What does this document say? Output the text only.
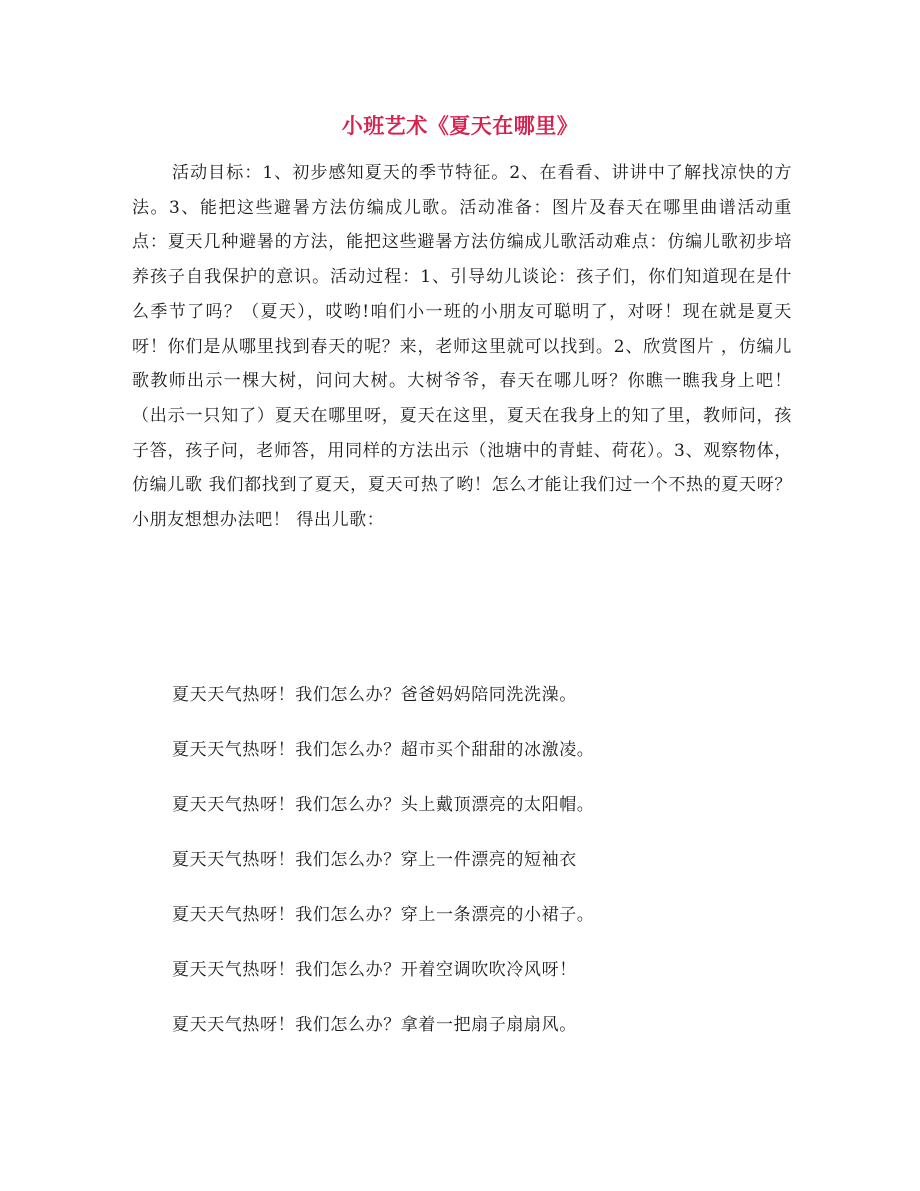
小班艺术《夏天在哪里》

活动目标：1、初步感知夏天的季节特征。2、在看看、讲讲中了解找凉快的方法。3、能把这些避暑方法仿编成儿歌。活动准备：图片及春天在哪里曲谱活动重点：夏天几种避暑的方法，能把这些避暑方法仿编成儿歌活动难点：仿编儿歌初步培养孩子自我保护的意识。活动过程：1、引导幼儿谈论：孩子们，你们知道现在是什么季节了吗？（夏天），哎哟!咱们小一班的小朋友可聪明了，对呀！现在就是夏天呀！你们是从哪里找到春天的呢？来，老师这里就可以找到。2、欣赏图片 ，仿编儿歌教师出示一棵大树，问问大树。大树爷爷，春天在哪儿呀？你瞧一瞧我身上吧！（出示一只知了）夏天在哪里呀，夏天在这里，夏天在我身上的知了里，教师问，孩子答，孩子问，老师答，用同样的方法出示（池塘中的青蛙、荷花）。3、观察物体，仿编儿歌 我们都找到了夏天，夏天可热了哟！怎么才能让我们过一个不热的夏天呀？小朋友想想办法吧！ 得出儿歌：

夏天天气热呀！我们怎么办？爸爸妈妈陪同洗洗澡。
夏天天气热呀！我们怎么办？超市买个甜甜的冰激凌。
夏天天气热呀！我们怎么办？头上戴顶漂亮的太阳帽。
夏天天气热呀！我们怎么办？穿上一件漂亮的短袖衣
夏天天气热呀！我们怎么办？穿上一条漂亮的小裙子。
夏天天气热呀！我们怎么办？开着空调吹吹冷风呀！
夏天天气热呀！我们怎么办？拿着一把扇子扇扇风。
